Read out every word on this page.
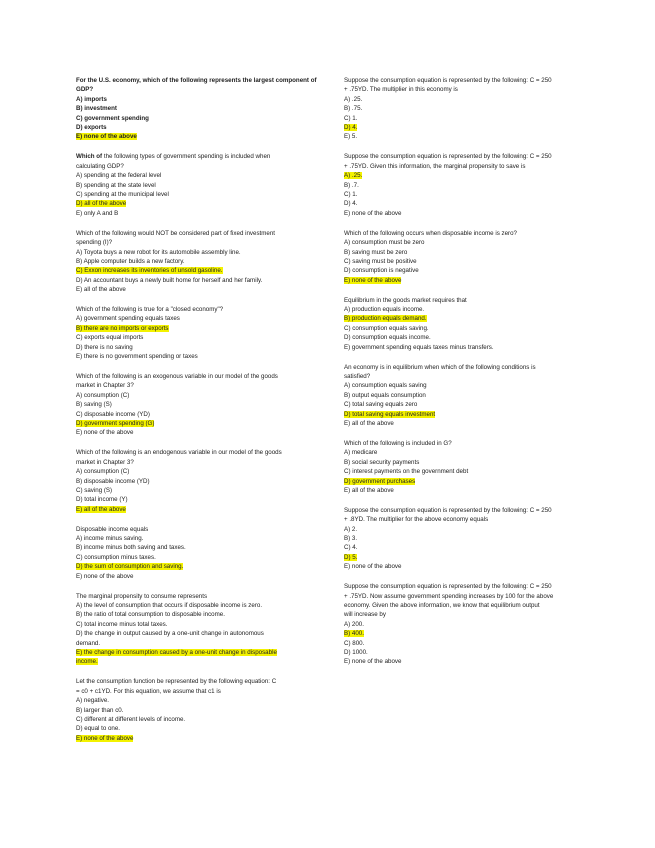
For the U.S. economy, which of the following represents the largest component of
GDP?
A) imports
B) investment
C) government spending
D) exports
E) none of the above
Which of the following types of government spending is included when
calculating GDP?
A) spending at the federal level
B) spending at the state level
C) spending at the municipal level
D) all of the above
E) only A and B
Which of the following would NOT be considered part of fixed investment
spending (I)?
A) Toyota buys a new robot for its automobile assembly line.
B) Apple computer builds a new factory.
C) Exxon increases its inventories of unsold gasoline.
D) An accountant buys a newly built home for herself and her family.
E) all of the above
Which of the following is true for a "closed economy"?
A) government spending equals taxes
B) there are no imports or exports
C) exports equal imports
D) there is no saving
E) there is no government spending or taxes
Which of the following is an exogenous variable in our model of the goods
market in Chapter 3?
A) consumption (C)
B) saving (S)
C) disposable income (YD)
D) government spending (G)
E) none of the above
Which of the following is an endogenous variable in our model of the goods
market in Chapter 3?
A) consumption (C)
B) disposable income (YD)
C) saving (S)
D) total income (Y)
E) all of the above
Disposable income equals
A) income minus saving.
B) income minus both saving and taxes.
C) consumption minus taxes.
D) the sum of consumption and saving.
E) none of the above
The marginal propensity to consume represents
A) the level of consumption that occurs if disposable income is zero.
B) the ratio of total consumption to disposable income.
C) total income minus total taxes.
D) the change in output caused by a one-unit change in autonomous
demand.
E) the change in consumption caused by a one-unit change in disposable
income.
Let the consumption function be represented by the following equation: C
= c0 + c1YD. For this equation, we assume that c1 is
A) negative.
B) larger than c0.
C) different at different levels of income.
D) equal to one.
E) none of the above
Suppose the consumption equation is represented by the following: C = 250
+ .75YD. The multiplier in this economy is
A) .25.
B) .75.
C) 1.
D) 4.
E) 5.
Suppose the consumption equation is represented by the following: C = 250
+ .75YD. Given this information, the marginal propensity to save is
A) .25.
B) .7.
C) 1.
D) 4.
E) none of the above
Which of the following occurs when disposable income is zero?
A) consumption must be zero
B) saving must be zero
C) saving must be positive
D) consumption is negative
E) none of the above
Equilibrium in the goods market requires that
A) production equals income.
B) production equals demand.
C) consumption equals saving.
D) consumption equals income.
E) government spending equals taxes minus transfers.
An economy is in equilibrium when which of the following conditions is
satisfied?
A) consumption equals saving
B) output equals consumption
C) total saving equals zero
D) total saving equals investment
E) all of the above
Which of the following is included in G?
A) medicare
B) social security payments
C) interest payments on the government debt
D) government purchases
E) all of the above
Suppose the consumption equation is represented by the following: C = 250
+ .8YD. The multiplier for the above economy equals
A) 2.
B) 3.
C) 4.
D) 5.
E) none of the above
Suppose the consumption equation is represented by the following: C = 250
+ .75YD. Now assume government spending increases by 100 for the above
economy. Given the above information, we know that equilibrium output
will increase by
A) 200.
B) 400.
C) 800.
D) 1000.
E) none of the above
